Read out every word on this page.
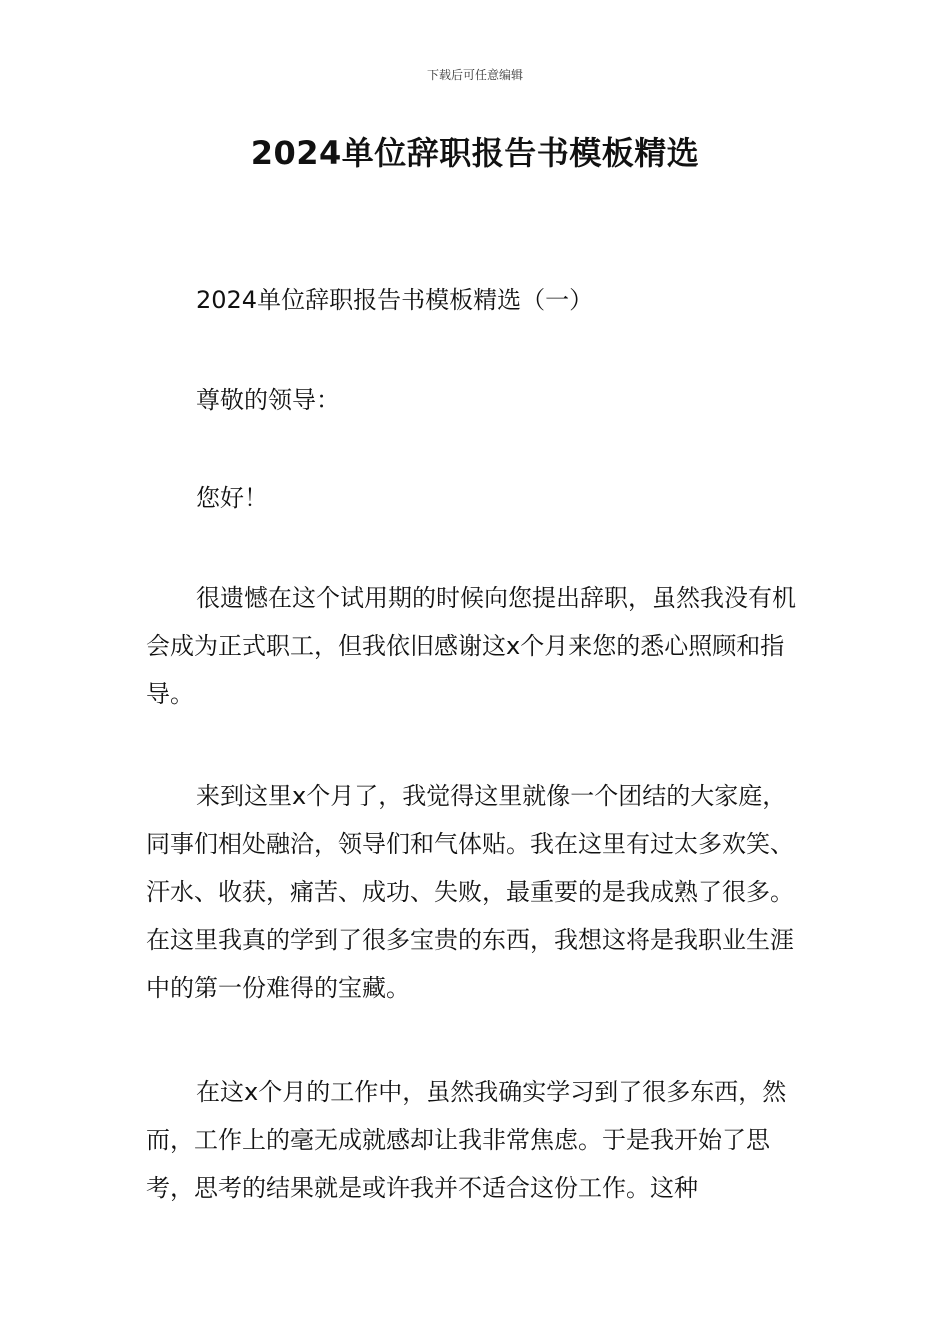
下载后可任意编辑
2024单位辞职报告书模板精选

2024单位辞职报告书模板精选（一）

尊敬的领导：

您好！

很遗憾在这个试用期的时候向您提出辞职，虽然我没有机会成为正式职工，但我依旧感谢这x个月来您的悉心照顾和指导。

来到这里x个月了，我觉得这里就像一个团结的大家庭，同事们相处融洽，领导们和气体贴。我在这里有过太多欢笑、汗水、收获，痛苦、成功、失败，最重要的是我成熟了很多。在这里我真的学到了很多宝贵的东西，我想这将是我职业生涯中的第一份难得的宝藏。

在这x个月的工作中，虽然我确实学习到了很多东西，然而，工作上的毫无成就感却让我非常焦虑。于是我开始了思考，思考的结果就是或许我并不适合这份工作。这种
